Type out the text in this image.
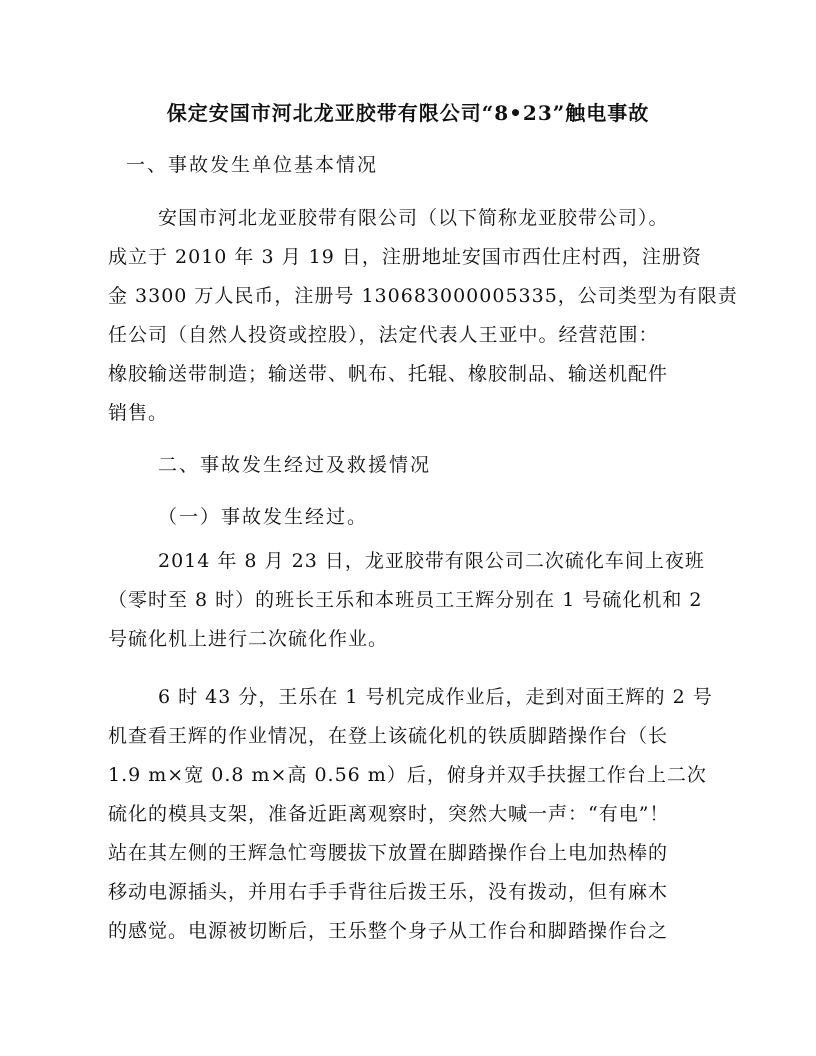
保定安国市河北龙亚胶带有限公司“8•23”触电事故
一、事故发生单位基本情况
安国市河北龙亚胶带有限公司（以下简称龙亚胶带公司）。
成立于 2010 年 3 月 19 日，注册地址安国市西仕庄村西，注册资
金 3300 万人民币，注册号 130683000005335，公司类型为有限责
任公司（自然人投资或控股），法定代表人王亚中。经营范围：
橡胶输送带制造；输送带、帆布、托辊、橡胶制品、输送机配件
销售。
二、事故发生经过及救援情况
（一）事故发生经过。
2014 年 8 月 23 日，龙亚胶带有限公司二次硫化车间上夜班
（零时至 8 时）的班长王乐和本班员工王辉分别在 1 号硫化机和 2
号硫化机上进行二次硫化作业。
6 时 43 分，王乐在 1 号机完成作业后，走到对面王辉的 2 号
机查看王辉的作业情况，在登上该硫化机的铁质脚踏操作台（长
1.9 m×宽 0.8 m×高 0.56 m）后，俯身并双手扶握工作台上二次
硫化的模具支架，准备近距离观察时，突然大喊一声：“有电”！
站在其左侧的王辉急忙弯腰拔下放置在脚踏操作台上电加热棒的
移动电源插头，并用右手手背往后拨王乐，没有拨动，但有麻木
的感觉。电源被切断后，王乐整个身子从工作台和脚踏操作台之
